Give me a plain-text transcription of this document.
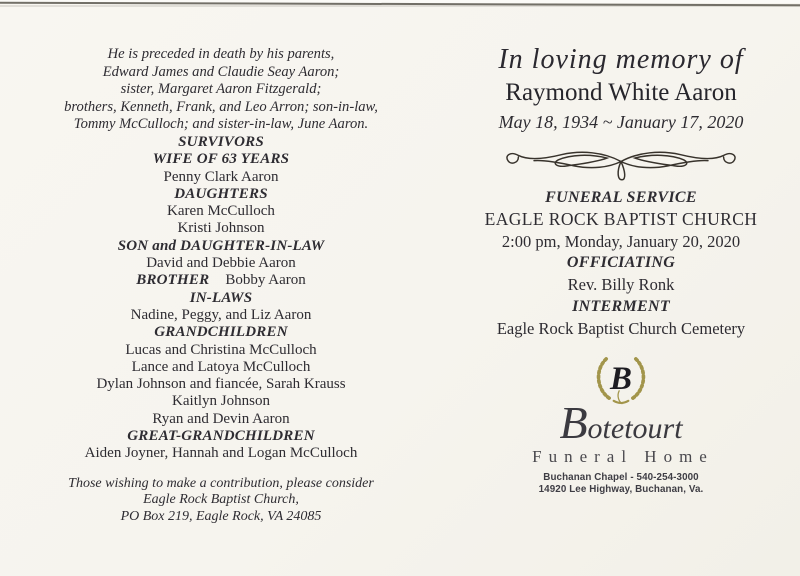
He is preceded in death by his parents,
Edward James and Claudie Seay Aaron;
sister, Margaret Aaron Fitzgerald;
brothers, Kenneth, Frank, and Leo Arron; son-in-law,
Tommy McCulloch; and sister-in-law, June Aaron.
SURVIVORS
WIFE OF 63 YEARS
Penny Clark Aaron
DAUGHTERS
Karen McCulloch
Kristi Johnson
SON and DAUGHTER-IN-LAW
David and Debbie Aaron
BROTHER Bobby Aaron
IN-LAWS
Nadine, Peggy, and Liz Aaron
GRANDCHILDREN
Lucas and Christina McCulloch
Lance and Latoya McCulloch
Dylan Johnson and fiancée, Sarah Krauss
Kaitlyn Johnson
Ryan and Devin Aaron
GREAT-GRANDCHILDREN
Aiden Joyner, Hannah and Logan McCulloch
Those wishing to make a contribution, please consider
Eagle Rock Baptist Church,
PO Box 219, Eagle Rock, VA 24085
In loving memory of
Raymond White Aaron
May 18, 1934 ~ January 17, 2020
FUNERAL SERVICE
EAGLE ROCK BAPTIST CHURCH
2:00 pm, Monday, January 20, 2020
OFFICIATING
Rev. Billy Ronk
INTERMENT
Eagle Rock Baptist Church Cemetery
B
Botetourt
Funeral Home
Buchanan Chapel - 540-254-3000
14920 Lee Highway, Buchanan, Va.
